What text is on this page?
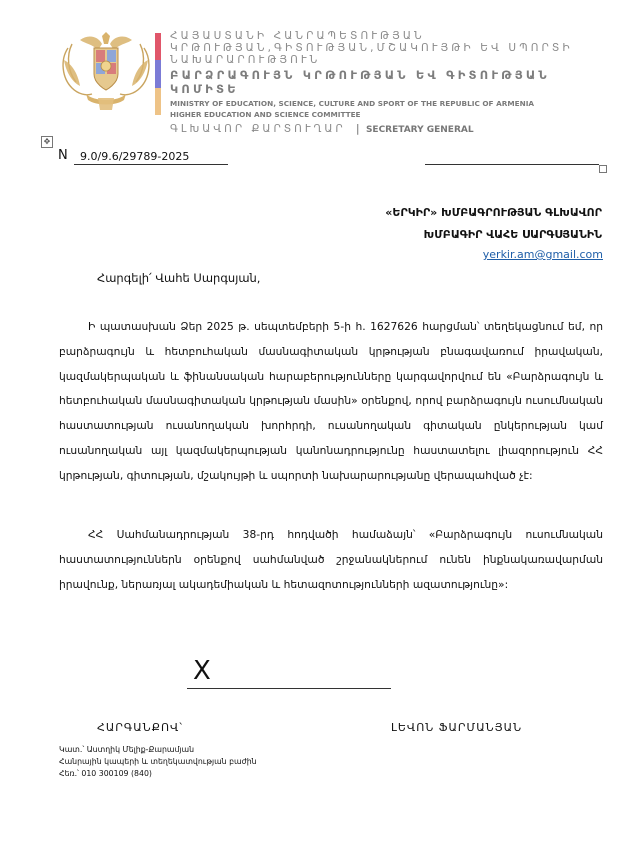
ՀԱՅԱՍՏԱՆԻ ՀԱՆՐԱՊԵՏՈՒԹՅԱՆ
ԿՐԹՈՒԹՅԱՆ,ԳԻՏՈՒԹՅԱՆ,ՄՇԱԿՈՒՅԹԻ ԵՎ ՍՊՈՐՏԻ
ՆԱԽԱՐԱՐՈՒԹՅՈՒՆ
ԲԱՐՁՐԱԳՈՒՅՆ ԿՐԹՈՒԹՅԱՆ ԵՎ ԳԻՏՈՒԹՅԱՆ
ԿՈՄԻՏԵ
MINISTRY OF EDUCATION, SCIENCE, CULTURE AND SPORT OF THE REPUBLIC OF ARMENIA
HIGHER EDUCATION AND SCIENCE COMMITTEE
ԳԼԽԱՎՈՐ ՔԱՐՏՈՒՂԱՐ | SECRETARY GENERAL
✥
N 9.0/9.6/29789-2025
«ԵՐԿԻՐ» ԽՄԲԱԳՐՈՒԹՅԱՆ ԳԼԽԱՎՈՐ
ԽՄԲԱԳԻՐ ՎԱՀԵ ՍԱՐԳՍՅԱՆԻՆ
yerkir.am@gmail.com
Հարգելի՛ Վահե Սարգսյան,
Ի պատասխան Ձեր 2025 թ. սեպտեմբերի 5-ի հ. 1627626 հարցման՝ տեղեկացնում եմ, որ բարձրագույն և հետբուհական մասնագիտական կրթության բնագավառում իրավական, կազմակերպական և ֆինանսական հարաբերությունները կարգավորվում են «Բարձրագույն և հետբուհական մասնագիտական կրթության մասին» օրենքով, որով բարձրագույն ուսումնական հաստատության ուսանողական խորհրդի, ուսանողական գիտական ընկերության կամ ուսանողական այլ կազմակերպության կանոնադրությունը հաստատելու լիազորություն ՀՀ կրթության, գիտության, մշակույթի և սպորտի նախարարությանը վերապահված չէ:
ՀՀ Սահմանադրության 38-րդ հոդվածի համաձայն՝ «Բարձրագույն ուսումնական հաստատություններն օրենքով սահմանված շրջանակներում ունեն ինքնակառավարման իրավունք, ներառյալ ակադեմիական և հետազոտությունների ազատությունը»:
X
ՀԱՐԳԱՆՔՈՎ՝	ԼԵՎՈՆ ՖԱՐՄԱՆՅԱՆ
Կատ.՝ Աստղիկ Մելիք-Քարամյան
Հանրային կապերի և տեղեկատվության բաժին
Հեռ.՝ 010 300109 (840)
